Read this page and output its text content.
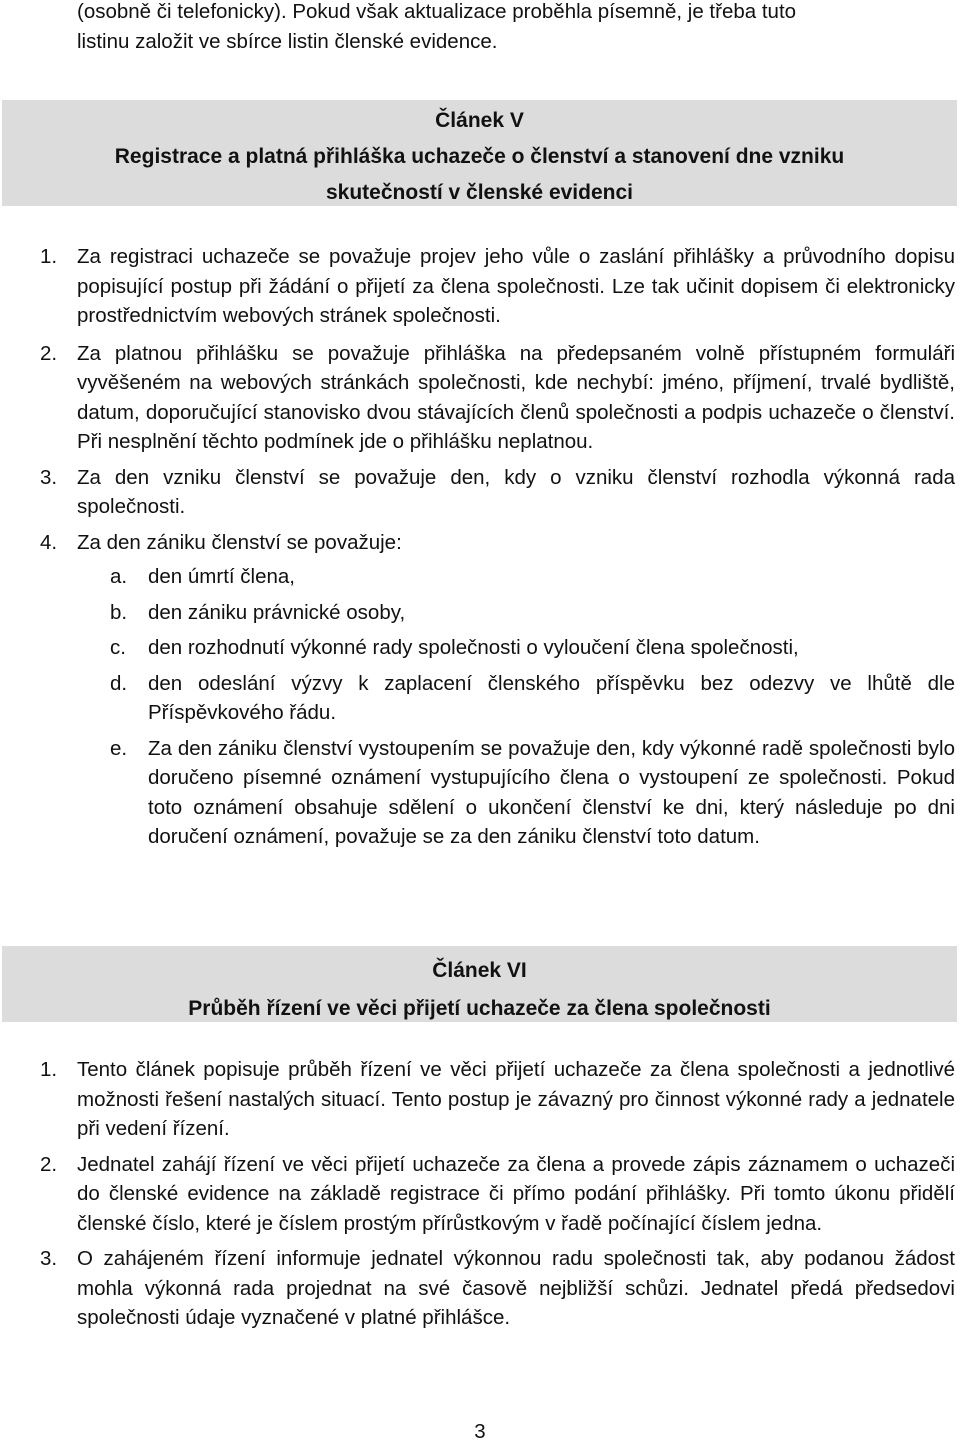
(osobně či telefonicky). Pokud však aktualizace proběhla písemně, je třeba tuto

listinu založit ve sbírce listin členské evidence.

Článek V
Registrace a platná přihláška uchazeče o členství a stanovení dne vzniku
skutečností v členské evidenci
1. Za registraci uchazeče se považuje projev jeho vůle o zaslání přihlášky a průvodního dopisu popisující postup při žádání o přijetí za člena společnosti. Lze tak učinit dopisem či elektronicky prostřednictvím webových stránek společnosti.

2. Za platnou přihlášku se považuje přihláška na předepsaném volně přístupném formuláři vyvěšeném na webových stránkách společnosti, kde nechybí: jméno, příjmení, trvalé bydliště, datum, doporučující stanovisko dvou stávajících členů společnosti a podpis uchazeče o členství. Při nesplnění těchto podmínek jde o přihlášku neplatnou.

3. Za den vzniku členství se považuje den, kdy o vzniku členství rozhodla výkonná rada společnosti.

4. Za den zániku členství se považuje:

a.	den úmrtí člena,
b.	den zániku právnické osoby,
c.	den rozhodnutí výkonné rady společnosti o vyloučení člena společnosti,
d.	den odeslání výzvy k zaplacení členského příspěvku bez odezvy ve lhůtě dle Příspěvkového řádu.
e.	Za den zániku členství vystoupením se považuje den, kdy výkonné radě společnosti bylo doručeno písemné oznámení vystupujícího člena o vystoupení ze společnosti. Pokud toto oznámení obsahuje sdělení o ukončení členství ke dni, který následuje po dni doručení oznámení, považuje se za den zániku členství toto datum.
Článek VI
Průběh řízení ve věci přijetí uchazeče za člena společnosti
1. Tento článek popisuje průběh řízení ve věci přijetí uchazeče za člena společnosti a jednotlivé možnosti řešení nastalých situací. Tento postup je závazný pro činnost výkonné rady a jednatele při vedení řízení.

2. Jednatel zahájí řízení ve věci přijetí uchazeče za člena a provede zápis záznamem o uchazeči do členské evidence na základě registrace či přímo podání přihlášky. Při tomto úkonu přidělí členské číslo, které je číslem prostým přírůstkovým v řadě počínající číslem jedna.

3. O zahájeném řízení informuje jednatel výkonnou radu společnosti tak, aby podanou žádost mohla výkonná rada projednat na své časově nejbližší schůzi. Jednatel předá předsedovi společnosti údaje vyznačené v platné přihlášce.

3
